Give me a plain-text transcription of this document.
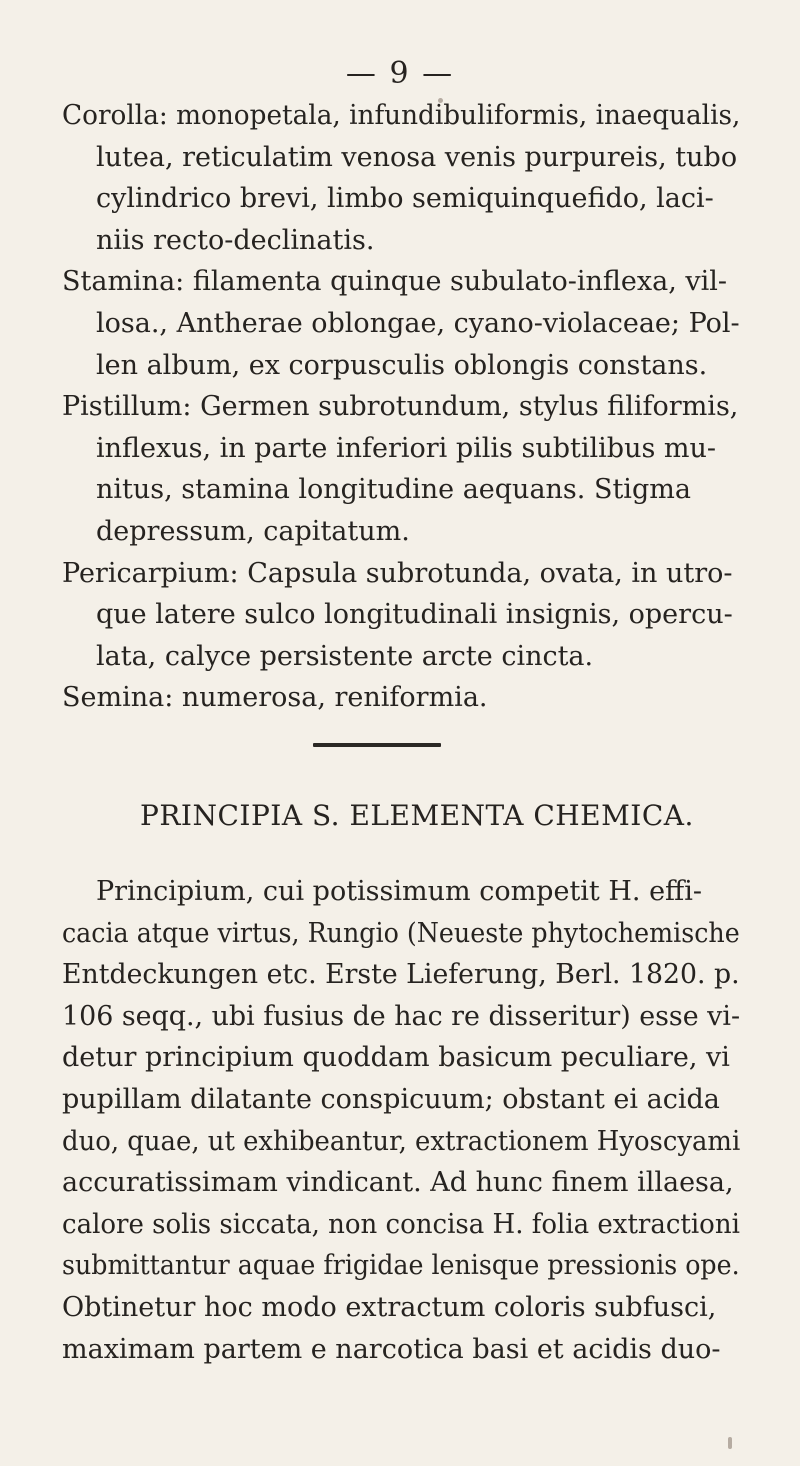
— 9 —
Corolla: monopetala, infundibuliformis, inaequalis,
lutea, reticulatim venosa venis purpureis, tubo
cylindrico brevi, limbo semiquinquefido, laci-
niis recto-declinatis.
Stamina: filamenta quinque subulato-inflexa, vil-
losa., Antherae oblongae, cyano-violaceae; Pol-
len album, ex corpusculis oblongis constans.
Pistillum: Germen subrotundum, stylus filiformis,
inflexus, in parte inferiori pilis subtilibus mu-
nitus, stamina longitudine aequans. Stigma
depressum, capitatum.
Pericarpium: Capsula subrotunda, ovata, in utro-
que latere sulco longitudinali insignis, opercu-
lata, calyce persistente arcte cincta.
Semina: numerosa, reniformia.
PRINCIPIA S. ELEMENTA CHEMICA.
Principium, cui potissimum competit H. effi-
cacia atque virtus, Rungio (Neueste phytochemische
Entdeckungen etc. Erste Lieferung, Berl. 1820. p.
106 seqq., ubi fusius de hac re disseritur) esse vi-
detur principium quoddam basicum peculiare, vi
pupillam dilatante conspicuum; obstant ei acida
duo, quae, ut exhibeantur, extractionem Hyoscyami
accuratissimam vindicant. Ad hunc finem illaesa,
calore solis siccata, non concisa H. folia extractioni
submittantur aquae frigidae lenisque pressionis ope.
Obtinetur hoc modo extractum coloris subfusci,
maximam partem e narcotica basi et acidis duo-
